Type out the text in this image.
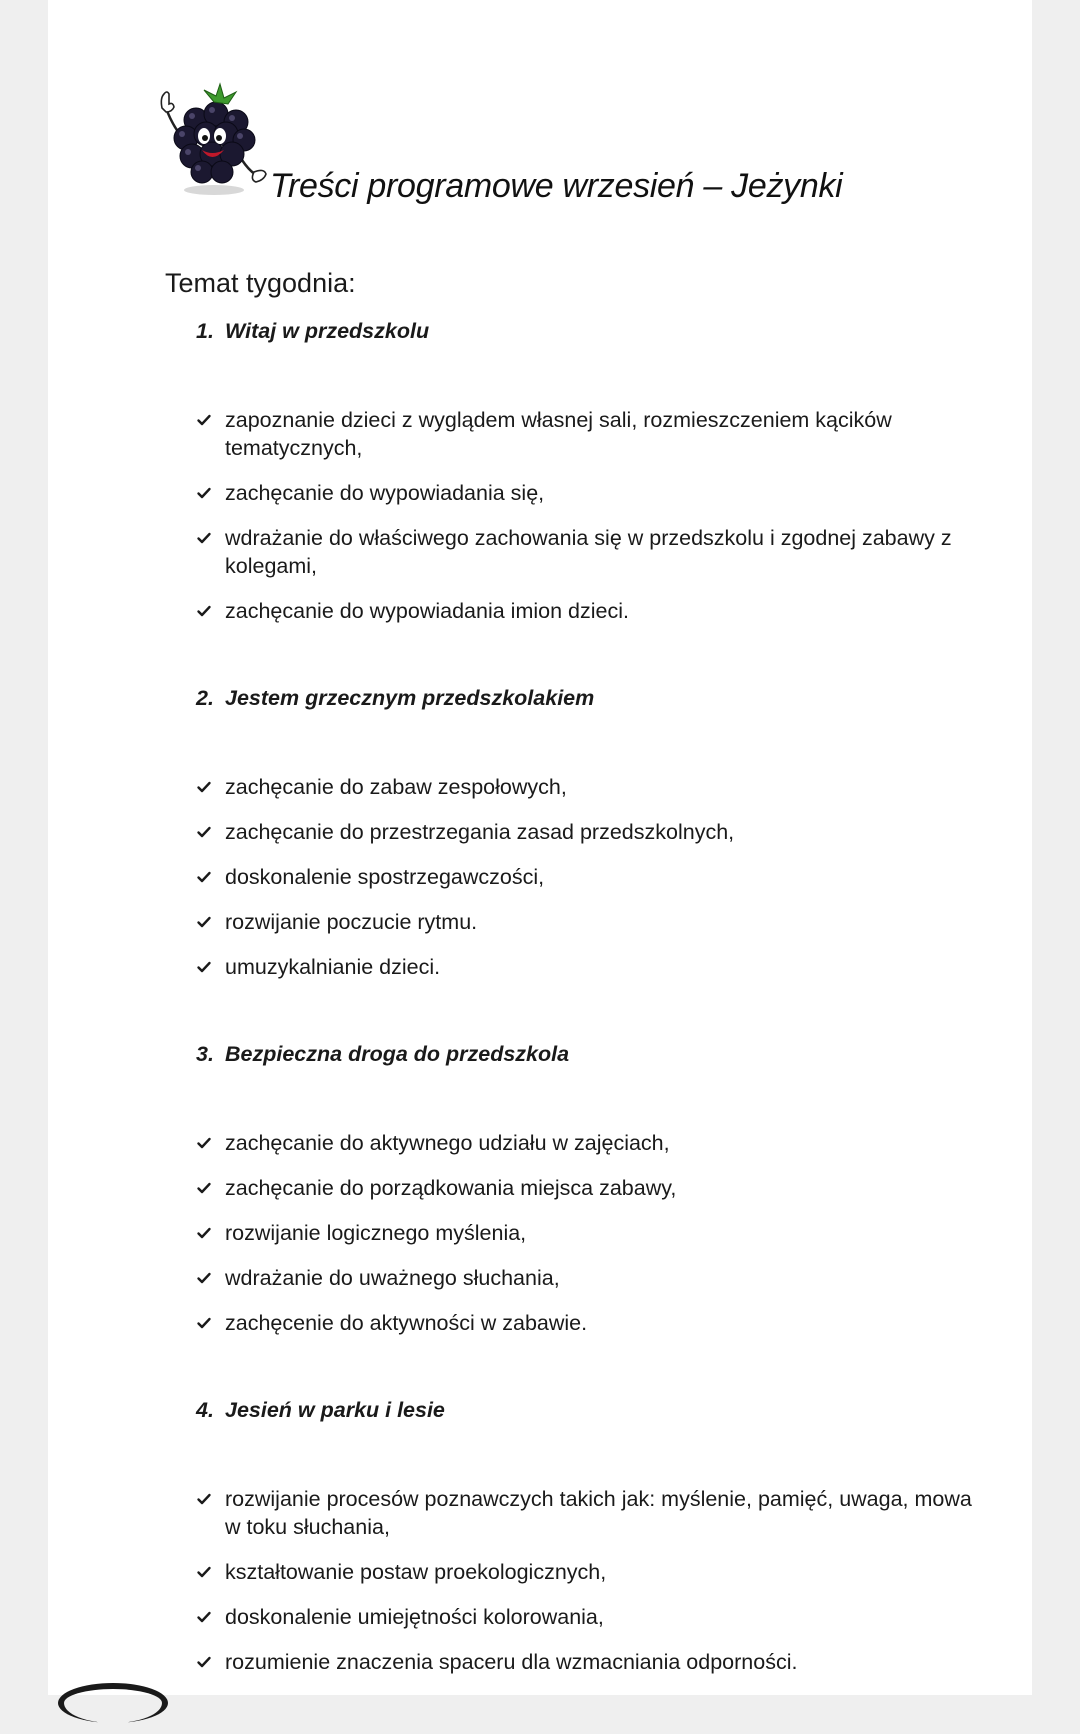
Treści programowe wrzesień – Jeżynki

Temat tygodnia:

1. Witaj w przedszkolu
zapoznanie dzieci z wyglądem własnej sali, rozmieszczeniem kącików tematycznych,
zachęcanie do wypowiadania się,
wdrażanie do właściwego zachowania się w przedszkolu i zgodnej zabawy z kolegami,
zachęcanie do wypowiadania imion dzieci.
2. Jestem grzecznym przedszkolakiem
zachęcanie do zabaw zespołowych,
zachęcanie do przestrzegania zasad przedszkolnych,
doskonalenie spostrzegawczości,
rozwijanie poczucie rytmu.
umuzykalnianie dzieci.
3. Bezpieczna droga do przedszkola
zachęcanie do aktywnego udziału w zajęciach,
zachęcanie do porządkowania miejsca zabawy,
rozwijanie logicznego myślenia,
wdrażanie do uważnego słuchania,
zachęcenie do aktywności w zabawie.
4. Jesień w parku i lesie
rozwijanie procesów poznawczych takich jak: myślenie, pamięć, uwaga, mowa w toku słuchania,
kształtowanie postaw proekologicznych,
doskonalenie umiejętności kolorowania,
rozumienie znaczenia spaceru dla wzmacniania odporności.
